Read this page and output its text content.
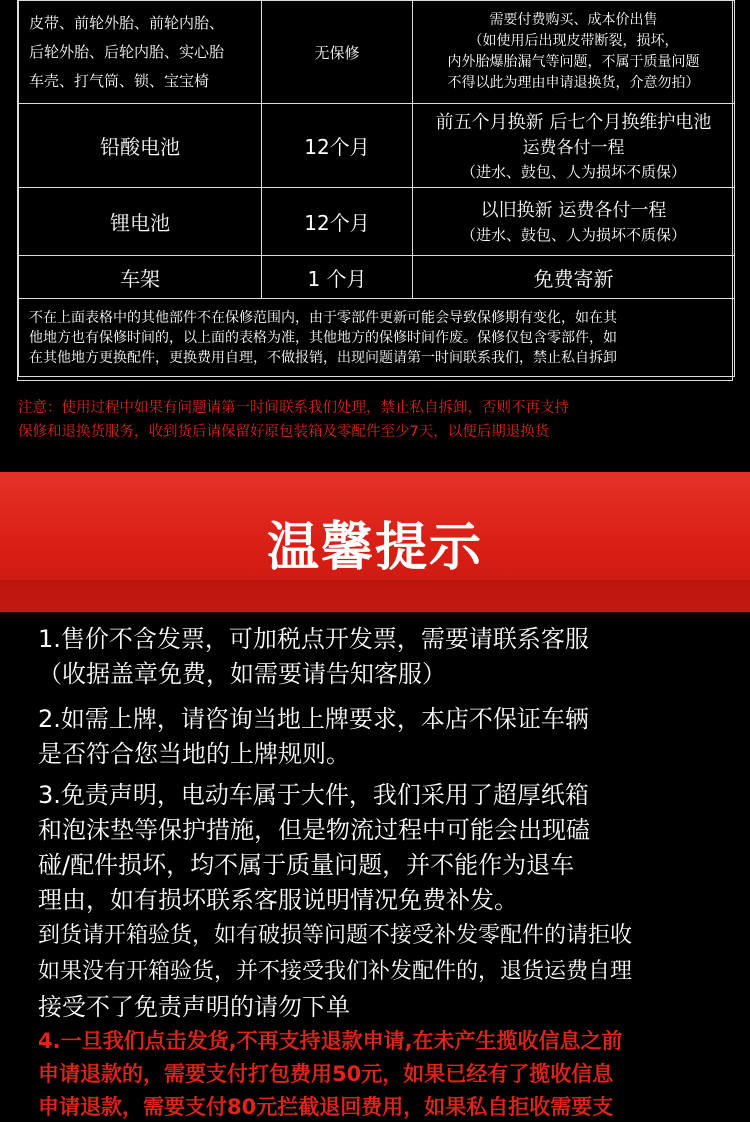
皮带、前轮外胎、前轮内胎、
后轮外胎、后轮内胎、实心胎
车壳、打气筒、锁、宝宝椅	无保修	需要付费购买、成本价出售
（如使用后出现皮带断裂，损坏，
内外胎爆胎漏气等问题，不属于质量问题
不得以此为理由申请退换货，介意勿拍）

铅酸电池	12个月	前五个月换新 后七个月换维护电池
运费各付一程
（进水、鼓包、人为损坏不质保）

锂电池	12个月	以旧换新 运费各付一程
（进水、鼓包、人为损坏不质保）

车架	1 个月	免费寄新

不在上面表格中的其他部件不在保修范围内，由于零部件更新可能会导致保修期有变化，如在其
他地方也有保修时间的，以上面的表格为准，其他地方的保修时间作废。保修仅包含零部件，如
在其他地方更换配件，更换费用自理，不做报销，出现问题请第一时间联系我们，禁止私自拆卸		
注意：使用过程中如果有问题请第一时间联系我们处理，禁止私自拆卸，否则不再支持
保修和退换货服务，收到货后请保留好原包装箱及零配件至少7天，以便后期退换货
温馨提示
1.售价不含发票，可加税点开发票，需要请联系客服
（收据盖章免费，如需要请告知客服）
2.如需上牌，请咨询当地上牌要求，本店不保证车辆
是否符合您当地的上牌规则。
3.免责声明，电动车属于大件，我们采用了超厚纸箱
和泡沫垫等保护措施，但是物流过程中可能会出现磕
碰/配件损坏，均不属于质量问题，并不能作为退车
理由，如有损坏联系客服说明情况免费补发。
到货请开箱验货，如有破损等问题不接受补发零配件的请拒收
如果没有开箱验货，并不接受我们补发配件的，退货运费自理
接受不了免责声明的请勿下单
4.一旦我们点击发货,不再支持退款申请,在未产生揽收信息之前
申请退款的，需要支付打包费用50元，如果已经有了揽收信息
申请退款，需要支付80元拦截退回费用，如果私自拒收需要支
